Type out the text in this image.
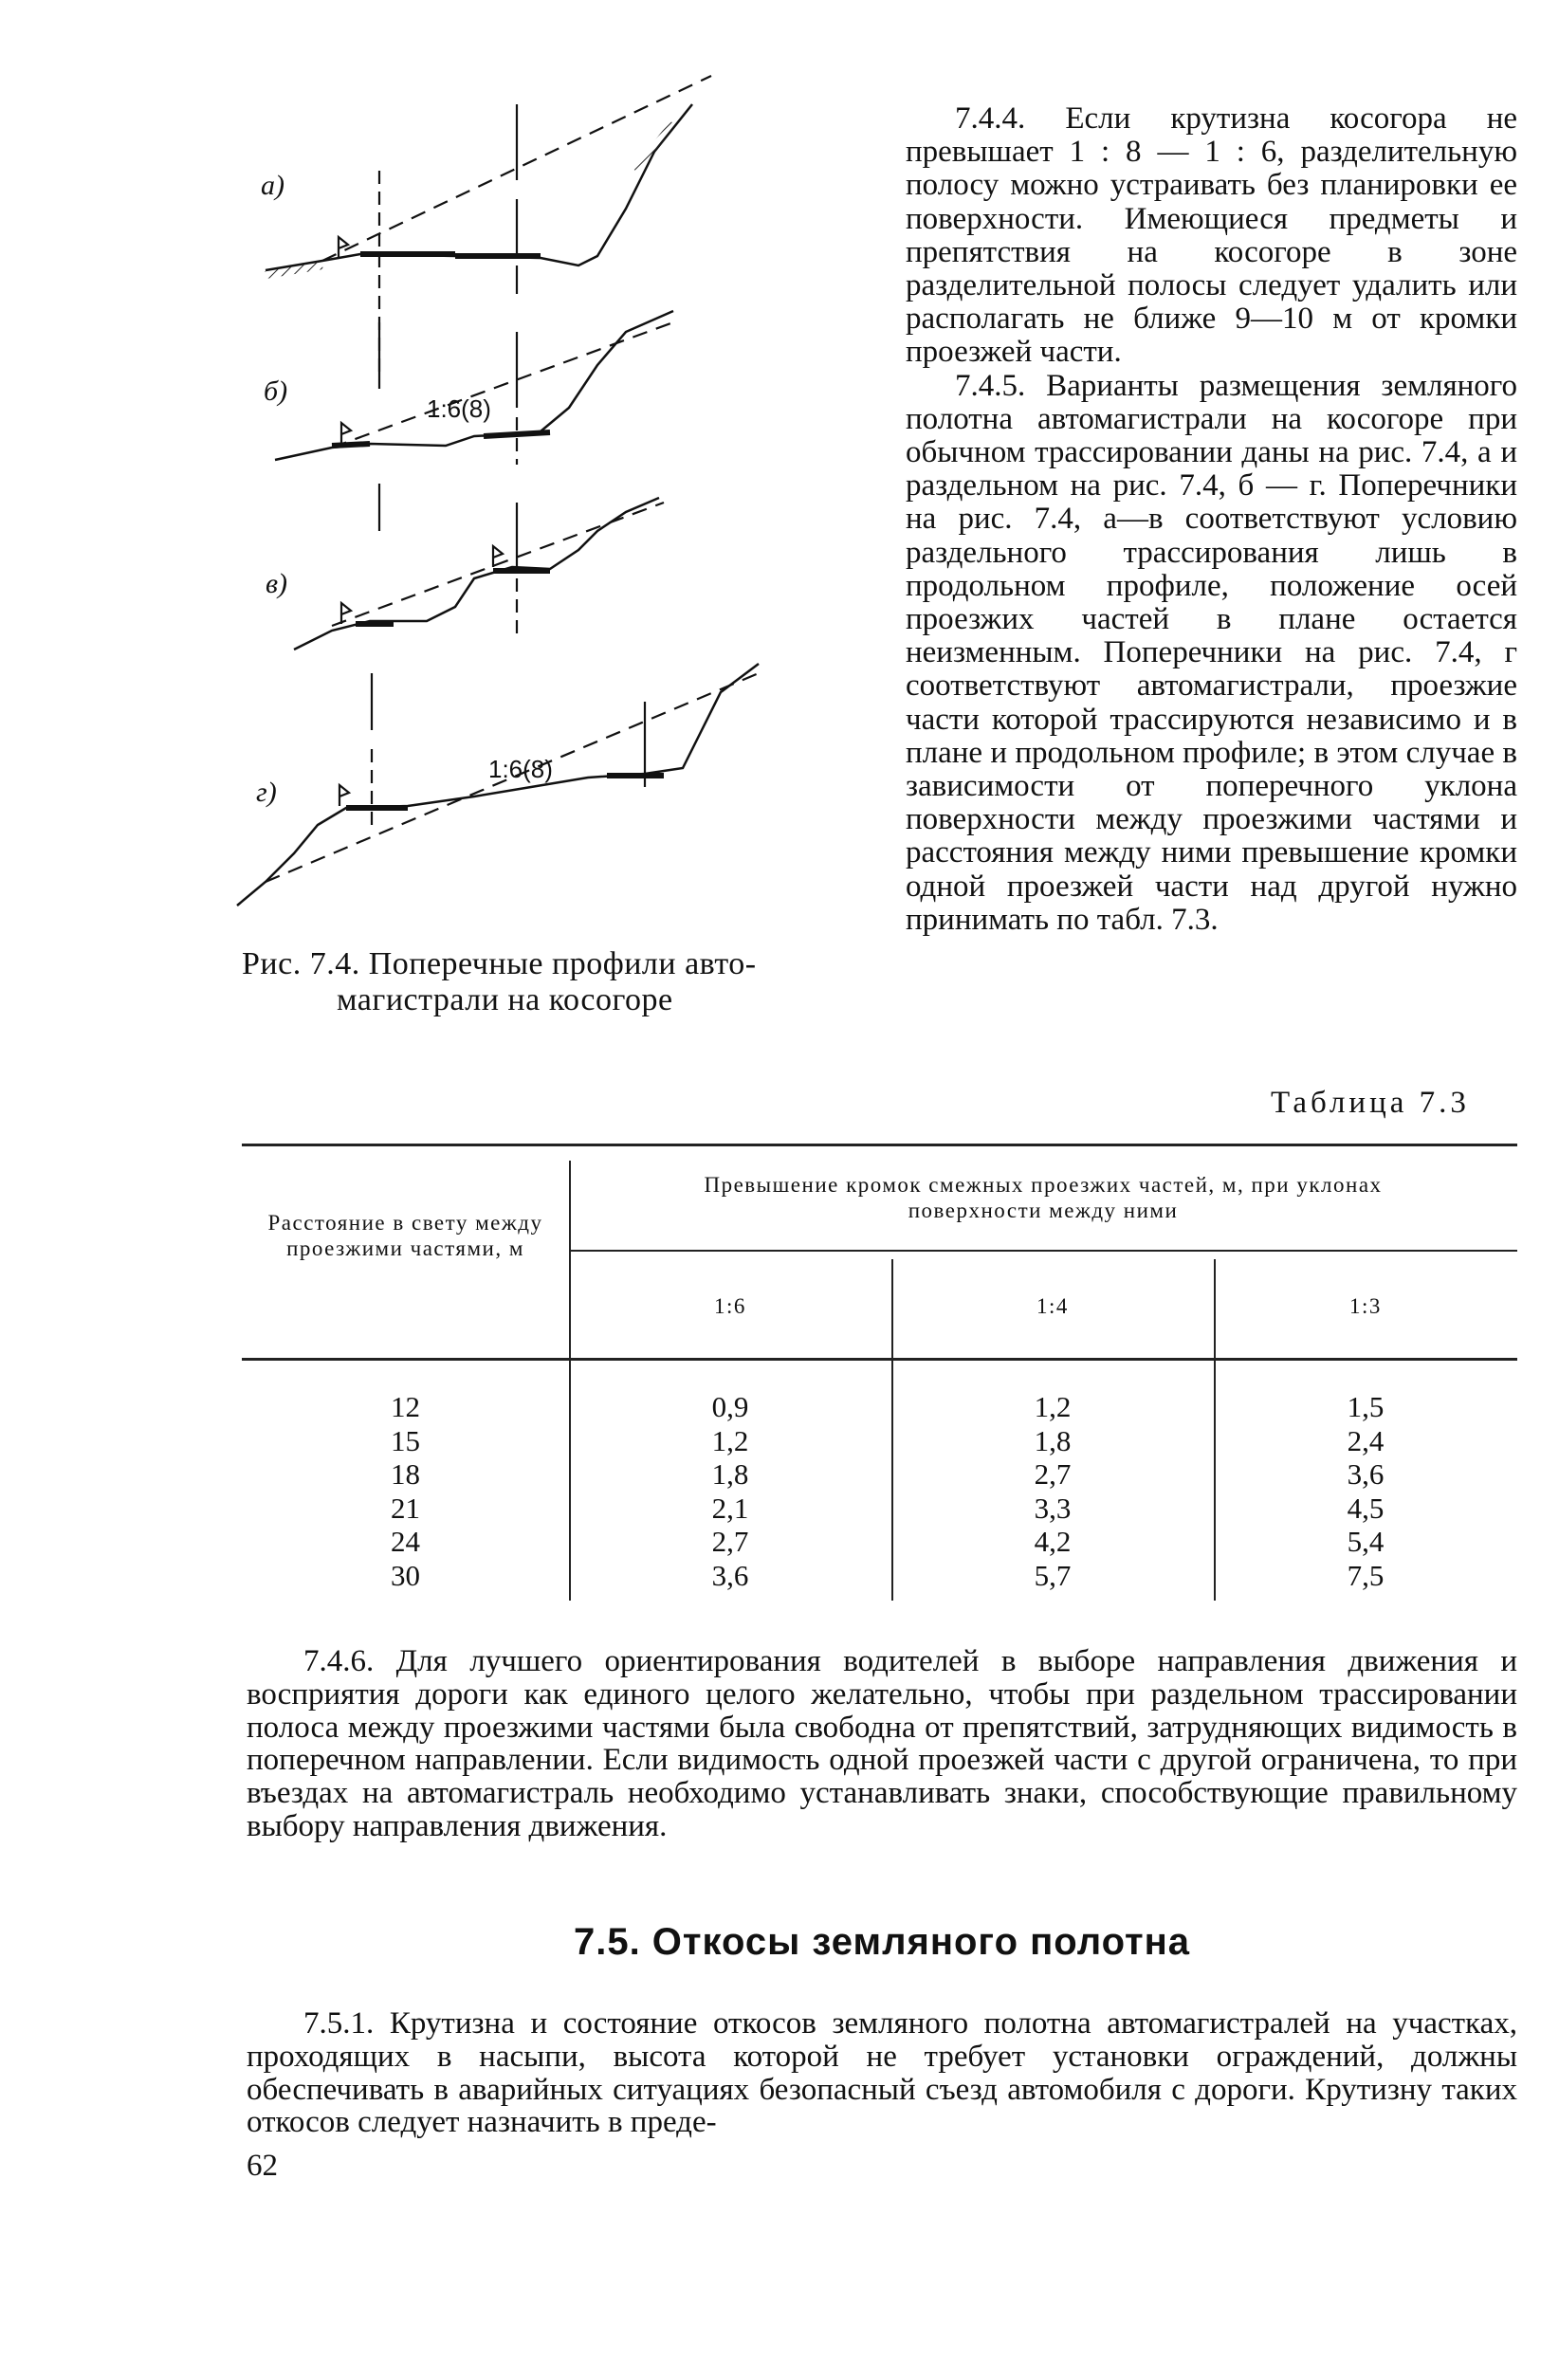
а)
б)
1:6(8)
в)
г)
1:6(8)
Рис. 7.4. Поперечные профили авто-
магистрали на косогоре

7.4.4. Если крутизна косогора не превышает 1 : 8 — 1 : 6, разделительную полосу можно устраивать без планировки ее поверхности. Имеющиеся предметы и препятствия на косогоре в зоне разделительной полосы следует удалить или располагать не ближе 9—10 м от кромки проезжей части.

7.4.5. Варианты размещения земляного полотна автомагистрали на косогоре при обычном трассировании даны на рис. 7.4, а и раздельном на рис. 7.4, б — г. Поперечники на рис. 7.4, а—в соответствуют условию раздельного трассирования лишь в продольном профиле, положение осей проезжих частей в плане остается неизменным. Поперечники на рис. 7.4, г соответствуют автомагистрали, проезжие части которой трассируются независимо и в плане и продольном профиле; в этом случае в зависимости от поперечного уклона поверхности между проезжими частями и расстояния между ними превышение кромки одной проезжей части над другой нужно принимать по табл. 7.3.

Таблица 7.3
Расстояние в свету между проезжими частями, м
Превышение кромок смежных проезжих частей, м, при уклонах поверхности между ними
1:6	1:4	1:3
12
15
18
21
24
30
0,9
1,2
1,8
2,1
2,7
3,6
1,2
1,8
2,7
3,3
4,2
5,7
1,5
2,4
3,6
4,5
5,4
7,5

7.4.6. Для лучшего ориентирования водителей в выборе направления движения и восприятия дороги как единого целого желательно, чтобы при раздельном трассировании полоса между проезжими частями была свободна от препятствий, затрудняющих видимость в поперечном направлении. Если видимость одной проезжей части с другой ограничена, то при въездах на автомагистраль необходимо устанавливать знаки, способствующие правильному выбору направления движения.

7.5. Откосы земляного полотна

7.5.1. Крутизна и состояние откосов земляного полотна автомагистралей на участках, проходящих в насыпи, высота которой не требует установки ограждений, должны обеспечивать в аварийных ситуациях безопасный съезд автомобиля с дороги. Крутизну таких откосов следует назначить в преде-

62
